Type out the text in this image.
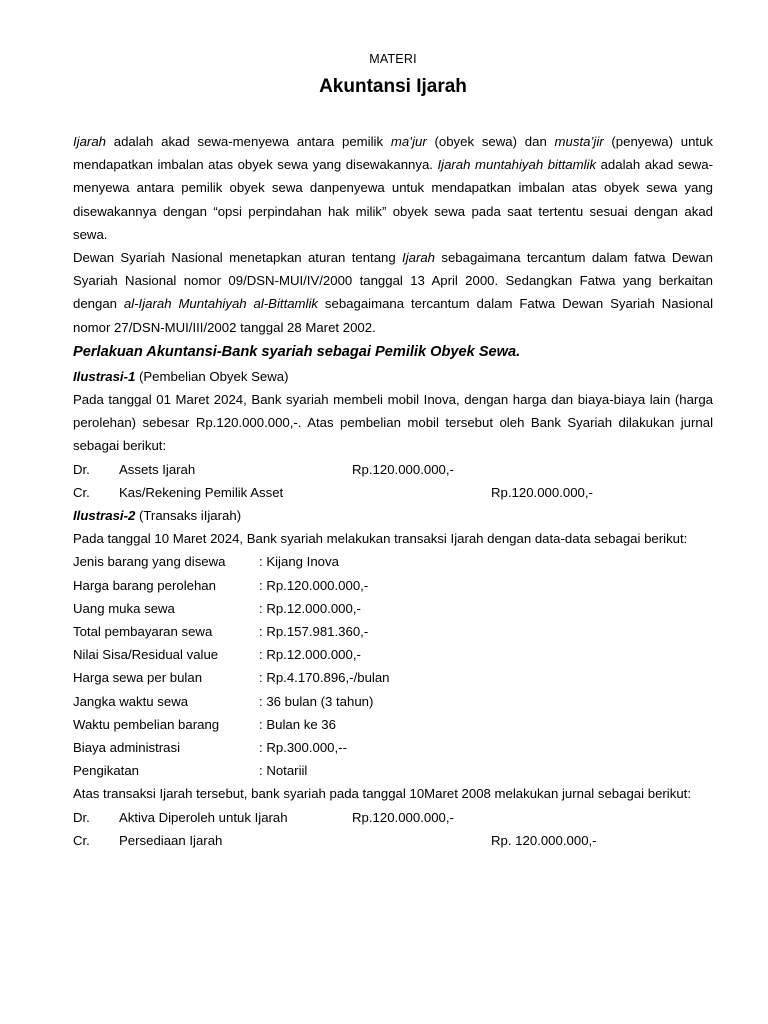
MATERI
Akuntansi Ijarah

Ijarah adalah akad sewa-menyewa antara pemilik ma’jur (obyek sewa) dan musta’jir (penyewa) untuk mendapatkan imbalan atas obyek sewa yang disewakannya. Ijarah muntahiyah bittamlik adalah akad sewa- menyewa antara pemilik obyek sewa danpenyewa untuk mendapatkan imbalan atas obyek sewa yang disewakannya dengan “opsi perpindahan hak milik” obyek sewa pada saat tertentu sesuai dengan akad sewa.

Dewan Syariah Nasional menetapkan aturan tentang Ijarah sebagaimana tercantum dalam fatwa Dewan Syariah Nasional nomor 09/DSN-MUI/IV/2000 tanggal 13 April 2000. Sedangkan Fatwa yang berkaitan dengan al-Ijarah Muntahiyah al-Bittamlik sebagaimana tercantum dalam Fatwa Dewan Syariah Nasional nomor 27/DSN-MUI/III/2002 tanggal 28 Maret 2002.

Perlakuan Akuntansi-Bank syariah sebagai Pemilik Obyek Sewa.
Ilustrasi-1 (Pembelian Obyek Sewa)

Pada tanggal 01 Maret 2024, Bank syariah membeli mobil Inova, dengan harga dan biaya-biaya lain (harga perolehan) sebesar Rp.120.000.000,-. Atas pembelian mobil tersebut oleh Bank Syariah dilakukan jurnal sebagai berikut:

Dr.	Assets Ijarah	Rp.120.000.000,-
Cr.	Kas/Rekening Pemilik Asset	Rp.120.000.000,-
Ilustrasi-2 (Transaks iIjarah)

Pada tanggal 10 Maret 2024, Bank syariah melakukan transaksi Ijarah dengan data-data sebagai berikut:

Jenis barang yang disewa	: Kijang Inova
Harga barang perolehan	: Rp.120.000.000,-
Uang muka sewa	: Rp.12.000.000,-
Total pembayaran sewa	: Rp.157.981.360,-
Nilai Sisa/Residual value	: Rp.12.000.000,-
Harga sewa per bulan	: Rp.4.170.896,-/bulan
Jangka waktu sewa	: 36 bulan (3 tahun)
Waktu pembelian barang	: Bulan ke 36
Biaya administrasi	: Rp.300.000,--
Pengikatan	: Notariil

Atas transaksi Ijarah tersebut, bank syariah pada tanggal 10Maret 2008 melakukan jurnal sebagai berikut:

Dr.	Aktiva Diperoleh untuk Ijarah	Rp.120.000.000,-
Cr.	Persediaan Ijarah	Rp. 120.000.000,-
